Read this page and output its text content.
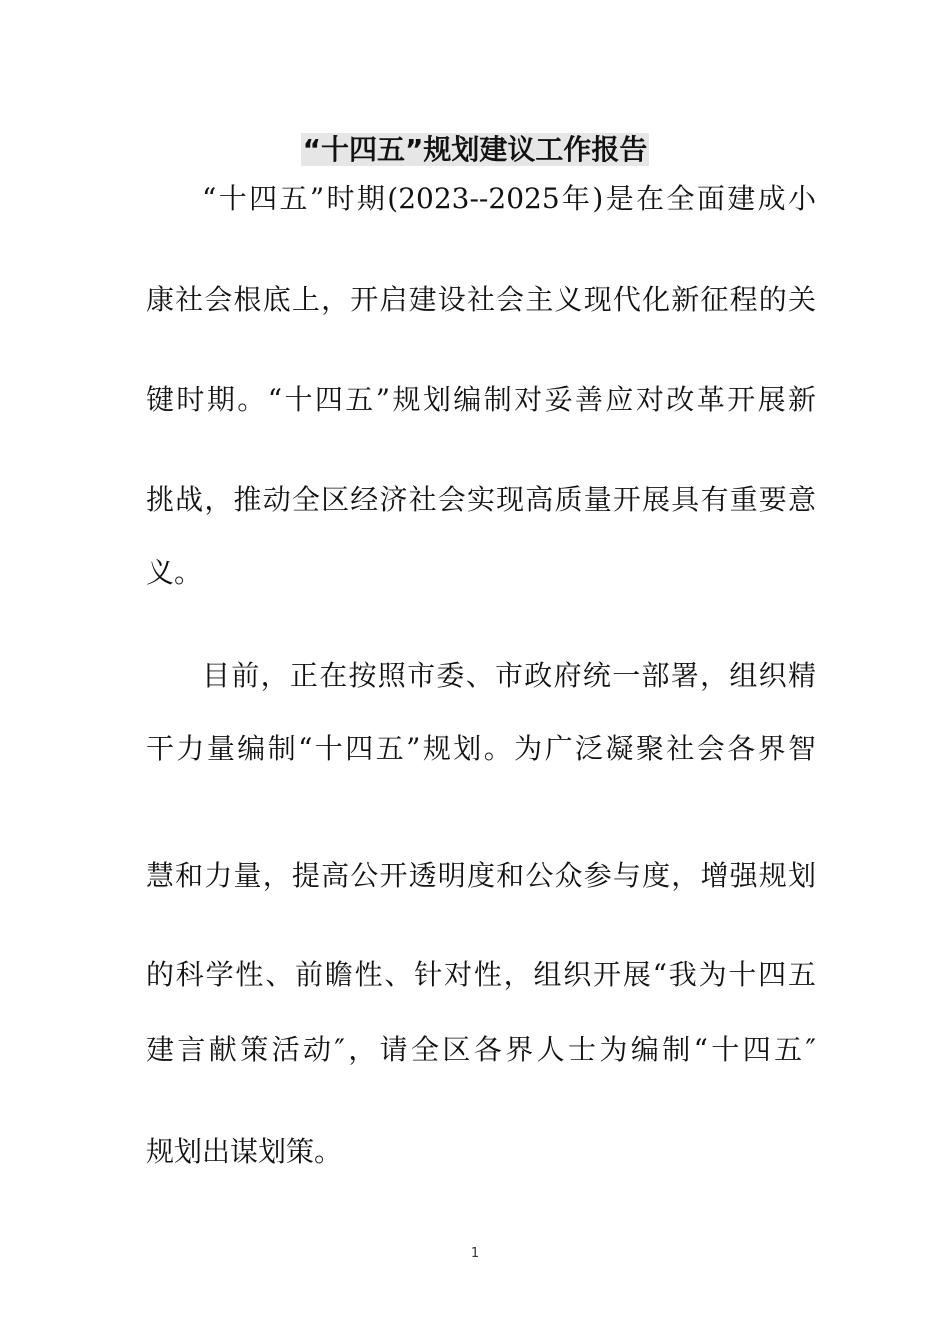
“十四五”规划建议工作报告

“十四五”时期(2023--2025年)是在全面建成小

康社会根底上，开启建设社会主义现代化新征程的关

键时期。“十四五”规划编制对妥善应对改革开展新

挑战，推动全区经济社会实现高质量开展具有重要意

义。

目前，正在按照市委、市政府统一部署，组织精

干力量编制“十四五”规划。为广泛凝聚社会各界智

慧和力量，提高公开透明度和公众参与度，增强规划

的科学性、前瞻性、针对性，组织开展“我为十四五

建言献策活动″，请全区各界人士为编制“十四五″

规划出谋划策。

1
